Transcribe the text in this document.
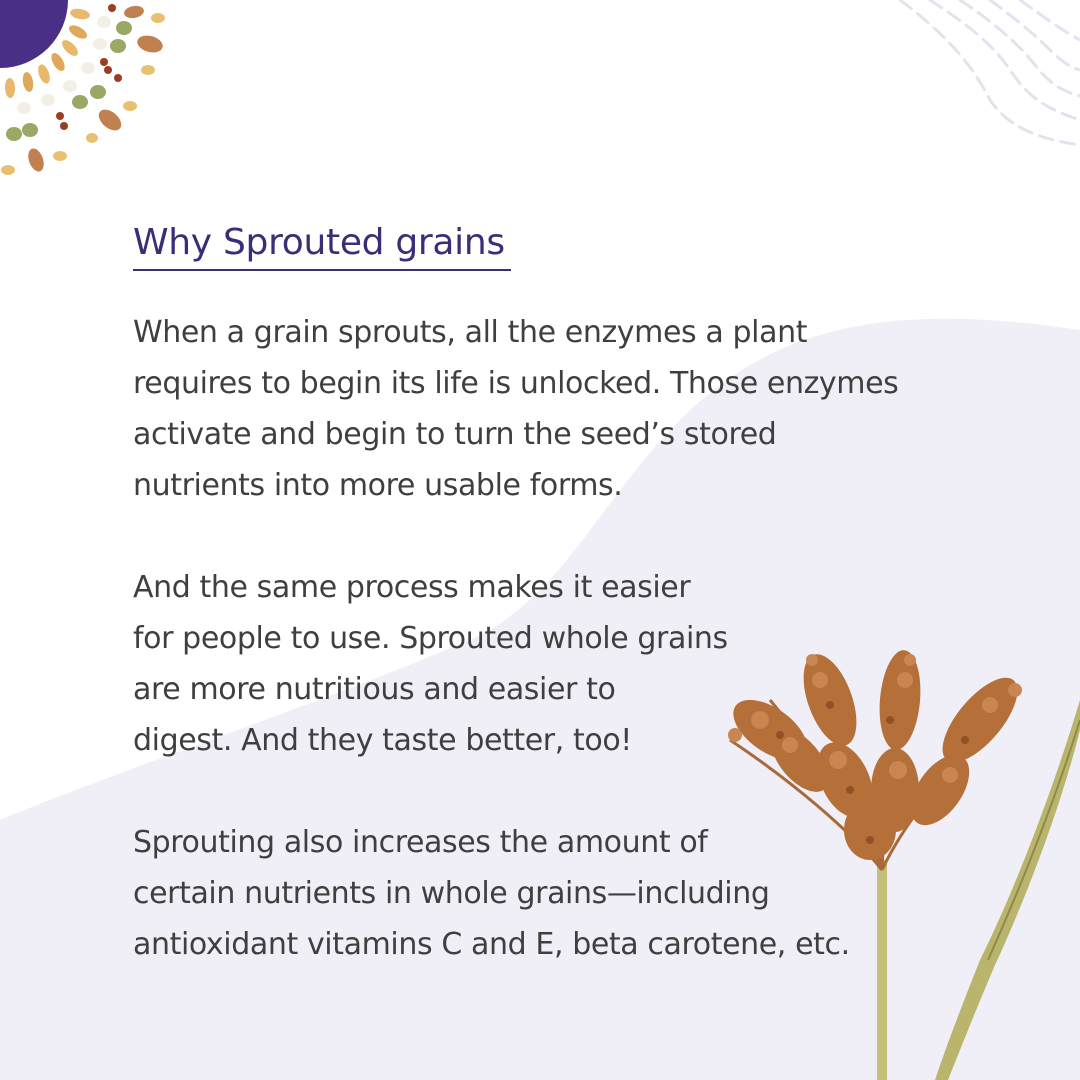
Why Sprouted grains

When a grain sprouts, all the enzymes a plant
requires to begin its life is unlocked. Those enzymes
activate and begin to turn the seed’s stored
nutrients into more usable forms.

And the same process makes it easier
for people to use. Sprouted whole grains
are more nutritious and easier to
digest. And they taste better, too!

Sprouting also increases the amount of
certain nutrients in whole grains—including
antioxidant vitamins C and E, beta carotene, etc.
